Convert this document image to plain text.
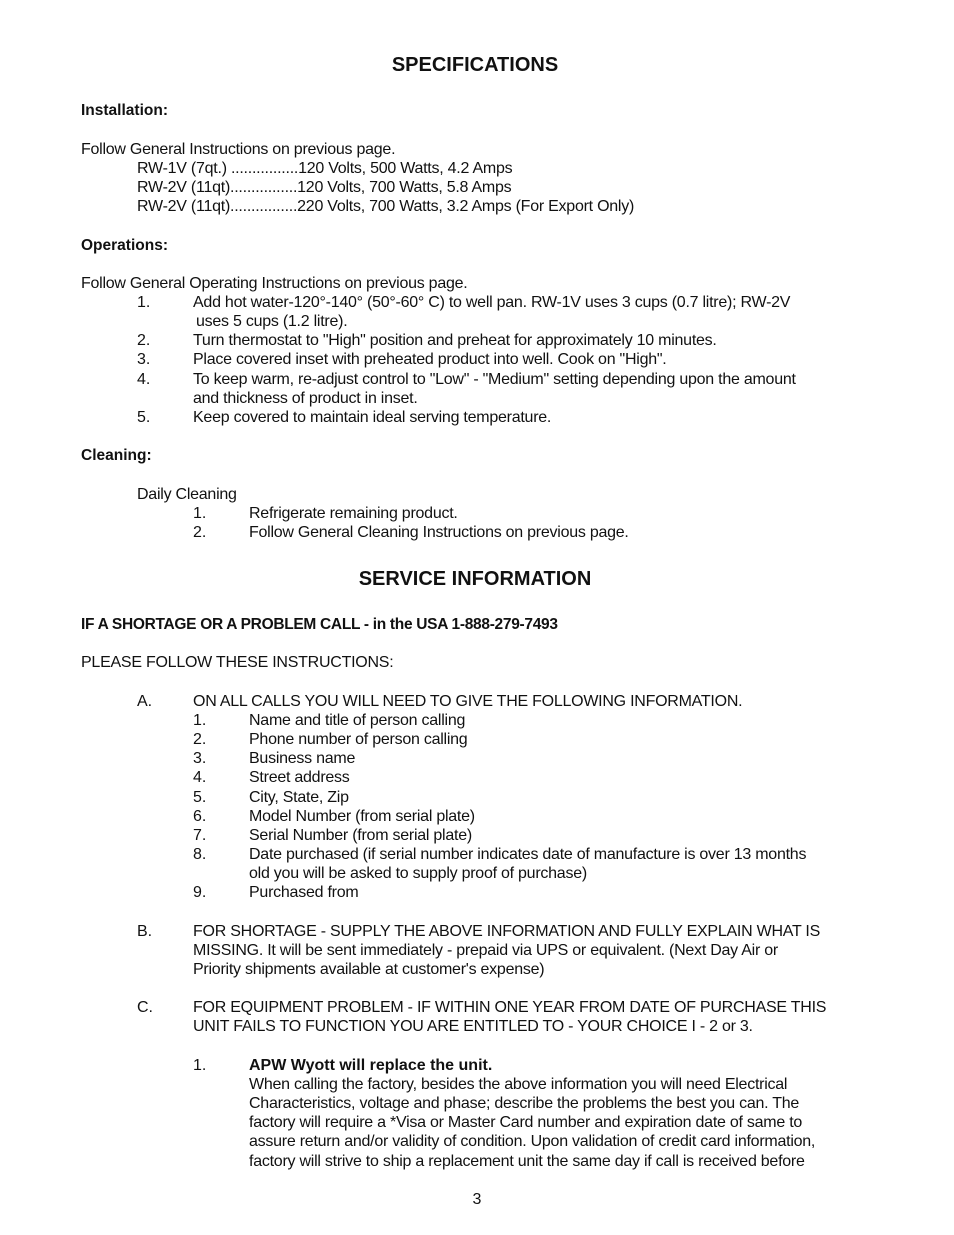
SPECIFICATIONS
Installation:
Follow General Instructions on previous page.
RW-1V (7qt.) ................120 Volts, 500 Watts, 4.2 Amps
RW-2V (11qt)................120 Volts, 700 Watts, 5.8 Amps
RW-2V (11qt)................220 Volts, 700 Watts, 3.2 Amps (For Export Only)
Operations:
Follow General Operating Instructions on previous page.
1.	Add hot water-120°-140° (50°-60° C) to well pan. RW-1V uses 3 cups (0.7 litre); RW-2V
uses 5 cups (1.2 litre).
2.	Turn thermostat to "High" position and preheat for approximately 10 minutes.
3.	Place covered inset with preheated product into well. Cook on "High".
4.	To keep warm, re-adjust control to "Low" - "Medium" setting depending upon the amount
and thickness of product in inset.
5.	Keep covered to maintain ideal serving temperature.
Cleaning:
Daily Cleaning
1.	Refrigerate remaining product.
2.	Follow General Cleaning Instructions on previous page.
SERVICE INFORMATION
IF A SHORTAGE OR A PROBLEM CALL - in the USA 1-888-279-7493
PLEASE FOLLOW THESE INSTRUCTIONS:
A.	ON ALL CALLS YOU WILL NEED TO GIVE THE FOLLOWING INFORMATION.
1.	Name and title of person calling
2.	Phone number of person calling
3.	Business name
4.	Street address
5.	City, State, Zip
6.	Model Number (from serial plate)
7.	Serial Number (from serial plate)
8.	Date purchased (if serial number indicates date of manufacture is over 13 months
old you will be asked to supply proof of purchase)
9.	Purchased from
B.	FOR SHORTAGE - SUPPLY THE ABOVE INFORMATION AND FULLY EXPLAIN WHAT IS
MISSING. It will be sent immediately - prepaid via UPS or equivalent. (Next Day Air or
Priority shipments available at customer's expense)
C.	FOR EQUIPMENT PROBLEM - IF WITHIN ONE YEAR FROM DATE OF PURCHASE THIS
UNIT FAILS TO FUNCTION YOU ARE ENTITLED TO - YOUR CHOICE I - 2 or 3.
1.	APW Wyott will replace the unit.
When calling the factory, besides the above information you will need Electrical
Characteristics, voltage and phase; describe the problems the best you can. The
factory will require a *Visa or Master Card number and expiration date of same to
assure return and/or validity of condition. Upon validation of credit card information,
factory will strive to ship a replacement unit the same day if call is received before
3
